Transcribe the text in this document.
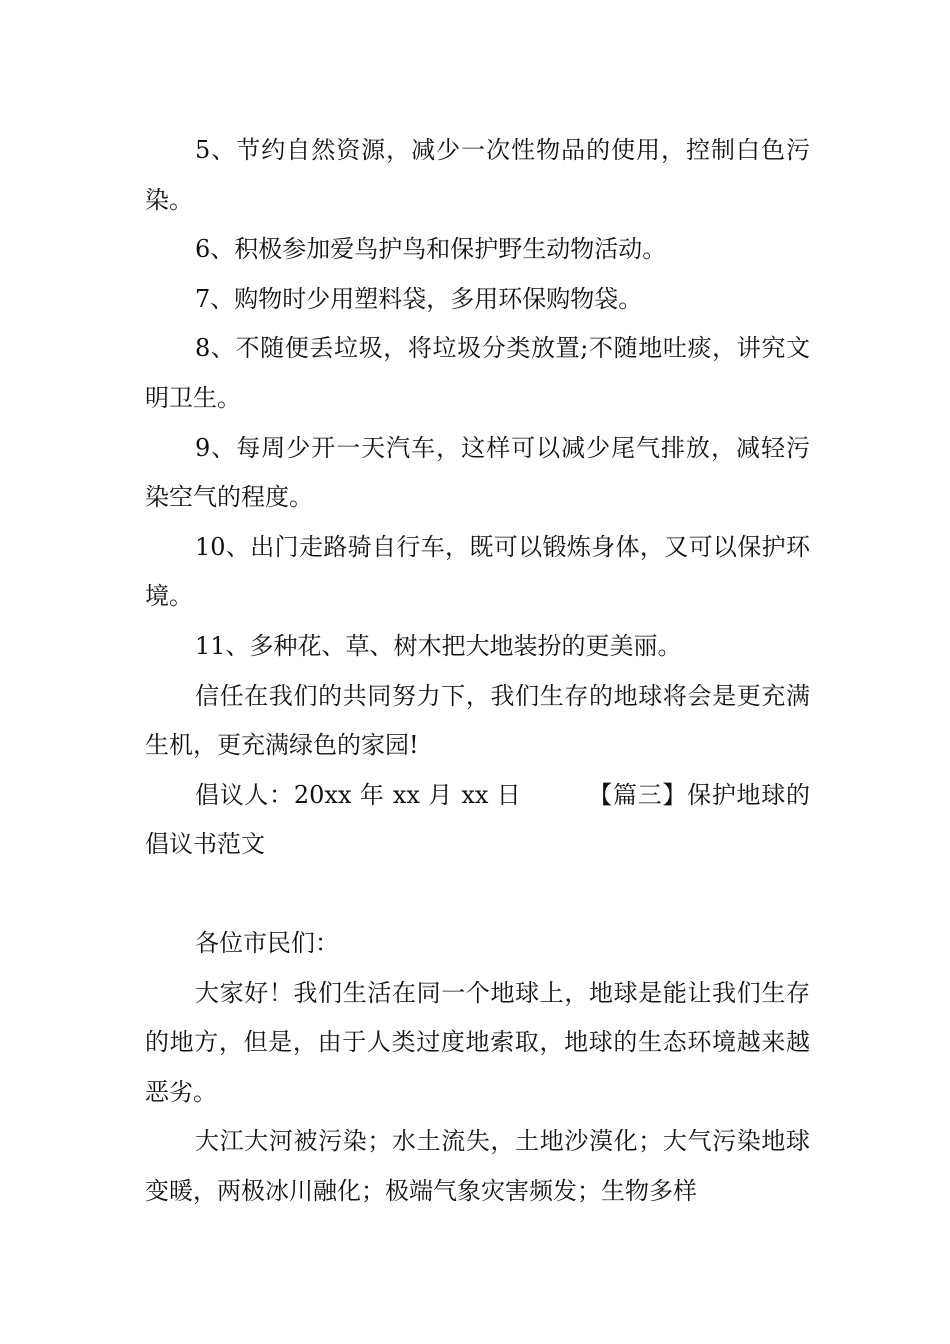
5、节约自然资源，减少一次性物品的使用，控制白色污染。

6、积极参加爱鸟护鸟和保护野生动物活动。

7、购物时少用塑料袋，多用环保购物袋。

8、不随便丢垃圾，将垃圾分类放置;不随地吐痰，讲究文明卫生。

9、每周少开一天汽车，这样可以减少尾气排放，减轻污染空气的程度。

10、出门走路骑自行车，既可以锻炼身体，又可以保护环境。

11、多种花、草、树木把大地装扮的更美丽。

信任在我们的共同努力下，我们生存的地球将会是更充满生机，更充满绿色的家园!

倡议人：20xx 年 xx 月 xx 日        【篇三】保护地球的倡议书范文

各位市民们：

大家好！我们生活在同一个地球上，地球是能让我们生存的地方，但是，由于人类过度地索取，地球的生态环境越来越恶劣。

大江大河被污染；水土流失，土地沙漠化；大气污染地球变暖，两极冰川融化；极端气象灾害频发；生物多样
